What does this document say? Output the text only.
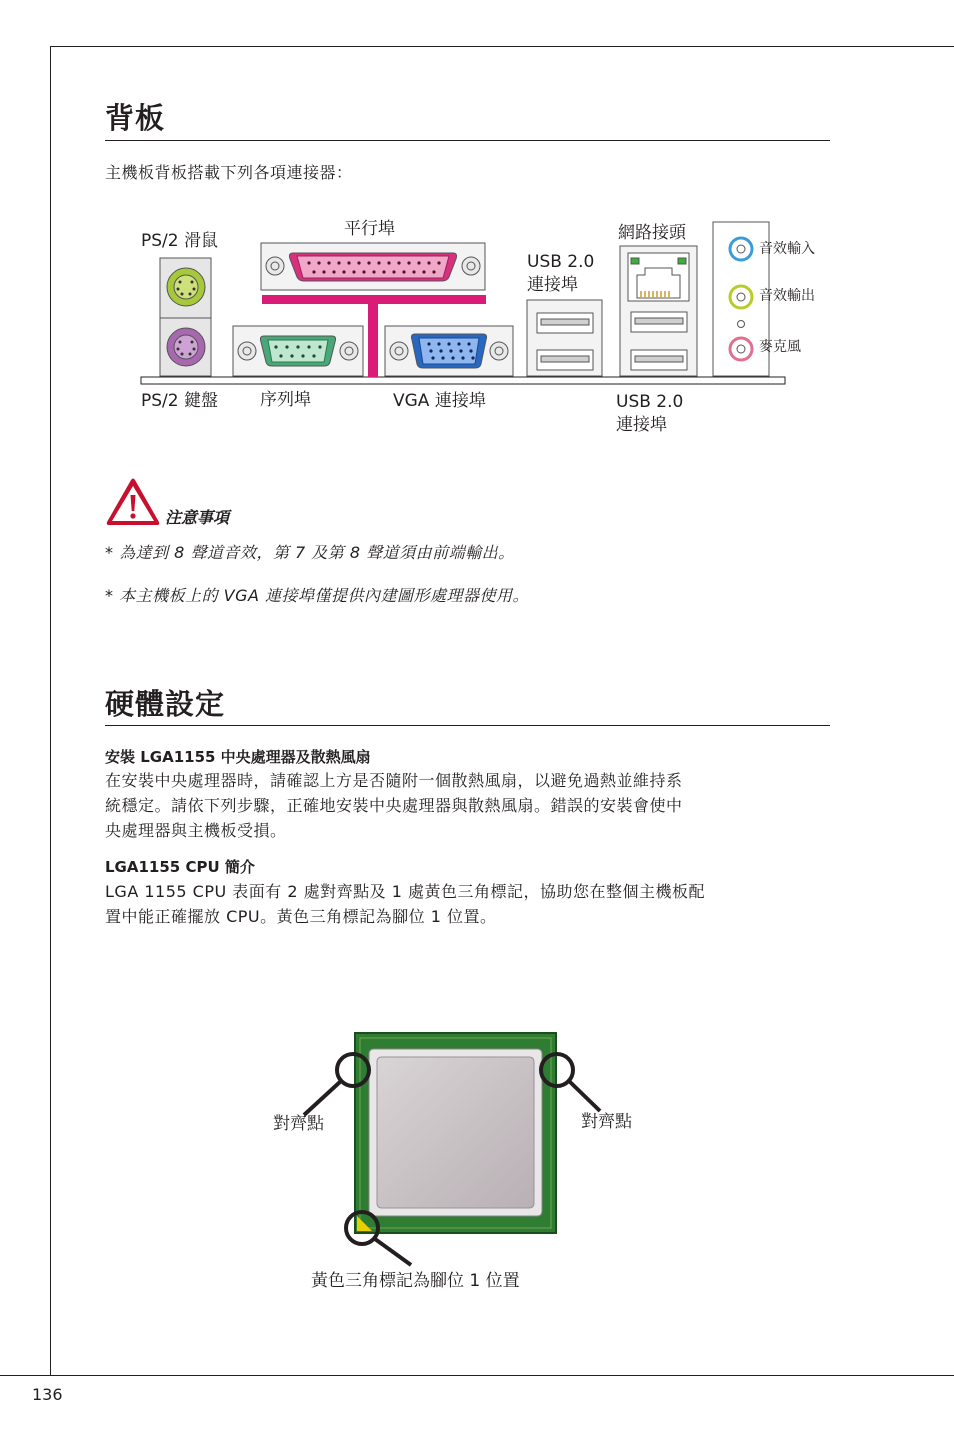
136
背板
主機板背板搭載下列各項連接器：
PS/2 滑鼠
平行埠
USB 2.0
連接埠
網路接頭
音效輸入
音效輸出
麥克風
PS/2 鍵盤 序列埠	VGA 連接埠	USB 2.0
連接埠
注意事項
* 為達到 8 聲道音效，第 7 及第 8 聲道須由前端輸出。
* 本主機板上的 VGA 連接埠僅提供內建圖形處理器使用。
硬體設定
安裝 LGA1155 中央處理器及散熱風扇
在安裝中央處理器時，請確認上方是否隨附一個散熱風扇，以避免過熱並維持系
統穩定。請依下列步驟，正確地安裝中央處理器與散熱風扇。錯誤的安裝會使中
央處理器與主機板受損。
LGA1155 CPU 簡介
LGA 1155 CPU 表面有 2 處對齊點及 1 處黃色三角標記，協助您在整個主機板配
置中能正確擺放 CPU。黃色三角標記為腳位 1 位置。
對齊點	對齊點
黃色三角標記為腳位 1 位置
